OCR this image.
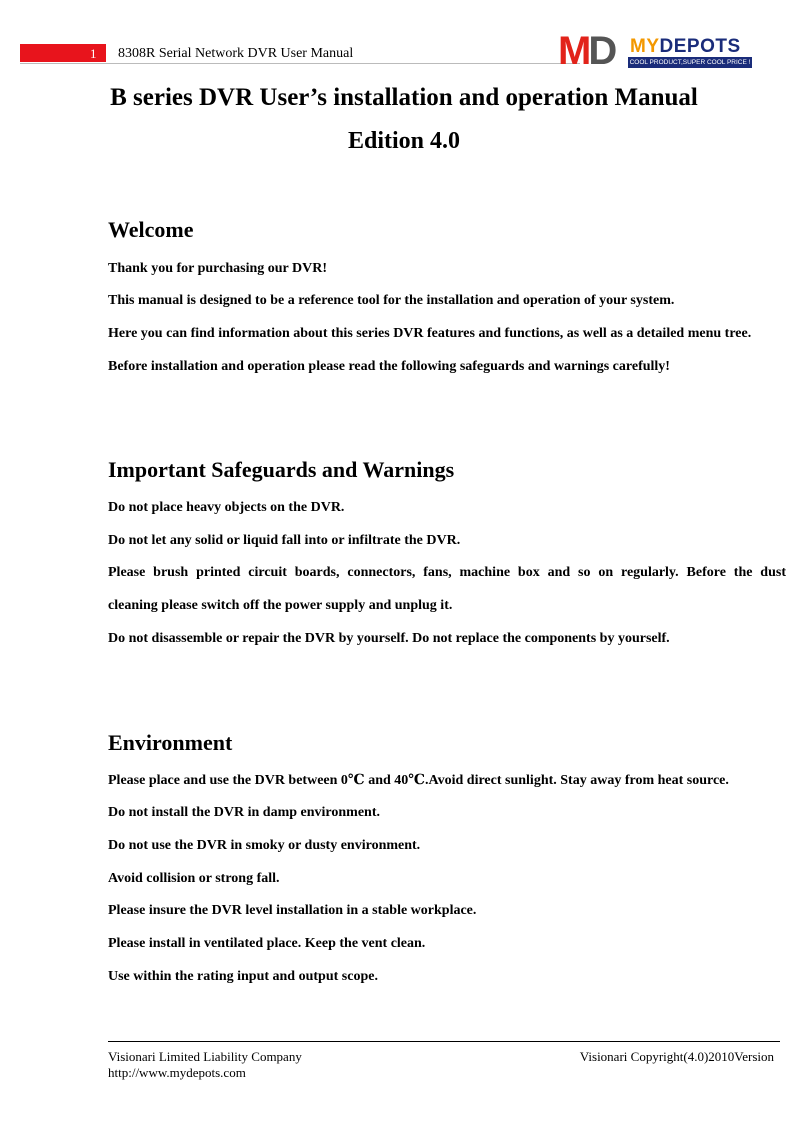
1 8308R Serial Network DVR User Manual	MD MYDEPOTS
COOL PRODUCT,SUPER COOL PRICE !
B series DVR User’s installation and operation Manual
Edition 4.0
Welcome
Thank you for purchasing our DVR!
This manual is designed to be a reference tool for the installation and operation of your system.
Here you can find information about this series DVR features and functions, as well as a detailed menu tree.
Before installation and operation please read the following safeguards and warnings carefully!
Important Safeguards and Warnings
Do not place heavy objects on the DVR.
Do not let any solid or liquid fall into or infiltrate the DVR.
Please brush printed circuit boards, connectors, fans, machine box and so on regularly. Before the dust
cleaning please switch off the power supply and unplug it.
Do not disassemble or repair the DVR by yourself. Do not replace the components by yourself.
Environment
Please place and use the DVR between 0℃ and 40℃.Avoid direct sunlight. Stay away from heat source.
Do not install the DVR in damp environment.
Do not use the DVR in smoky or dusty environment.
Avoid collision or strong fall.
Please insure the DVR level installation in a stable workplace.
Please install in ventilated place. Keep the vent clean.
Use within the rating input and output scope.
Visionari Limited Liability Company
http://www.mydepots.com
Visionari Copyright(4.0)2010Version
